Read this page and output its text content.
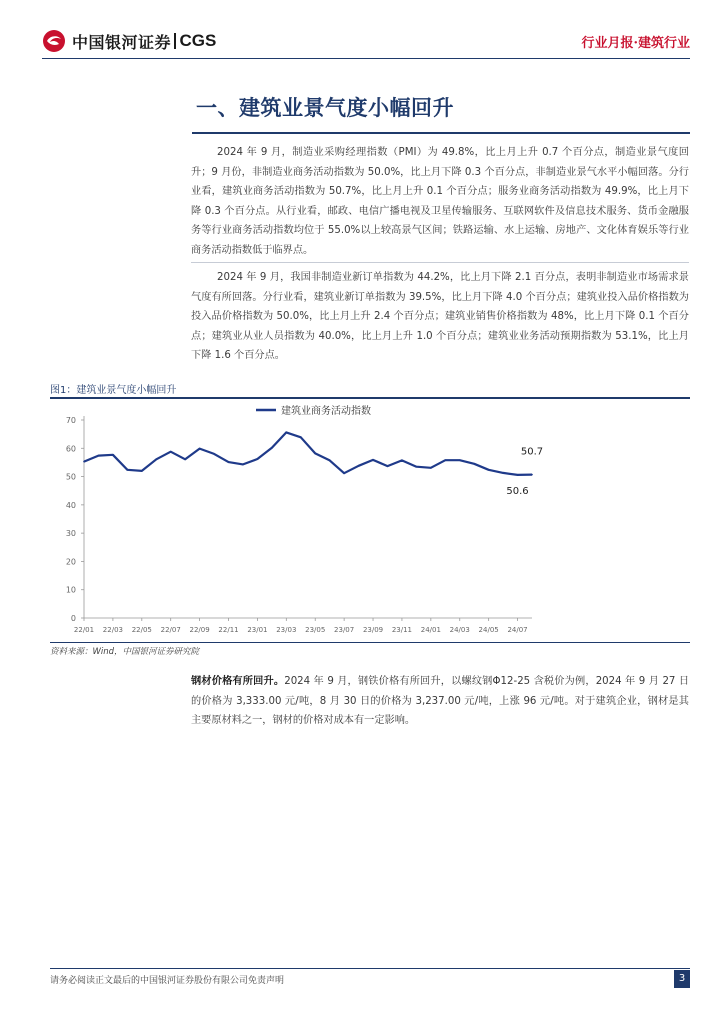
中国银河证券 CGS	行业月报·建筑行业
一、建筑业景气度小幅回升
2024 年 9 月，制造业采购经理指数（PMI）为 49.8%，比上月上升 0.7 个百分点，制造业景气度回升；9 月份，非制造业商务活动指数为 50.0%，比上月下降 0.3 个百分点，非制造业景气水平小幅回落。分行业看，建筑业商务活动指数为 50.7%，比上月上升 0.1 个百分点；服务业商务活动指数为 49.9%，比上月下降 0.3 个百分点。从行业看，邮政、电信广播电视及卫星传输服务、互联网软件及信息技术服务、货币金融服务等行业商务活动指数均位于 55.0%以上较高景气区间；铁路运输、水上运输、房地产、文化体育娱乐等行业商务活动指数低于临界点。
2024 年 9 月，我国非制造业新订单指数为 44.2%，比上月下降 2.1 百分点，表明非制造业市场需求景气度有所回落。分行业看，建筑业新订单指数为 39.5%，比上月下降 4.0 个百分点；建筑业投入品价格指数为投入品价格指数为 50.0%，比上月上升 2.4 个百分点；建筑业销售价格指数为 48%，比上月下降 0.1 个百分点；建筑业从业人员指数为 40.0%，比上月上升 1.0 个百分点；建筑业业务活动预期指数为 53.1%，比上月下降 1.6 个百分点。
图1：建筑业景气度小幅回升
0
10
20
30
40
50
60
70
22/01 22/03 22/05 22/07 22/09 22/11 23/01 23/03 23/05 23/07 23/09 23/11 24/01 24/03 24/05 24/07
建筑业商务活动指数
50.7
50.6
资料来源：Wind，中国银河证券研究院
钢材价格有所回升。2024 年 9 月，钢铁价格有所回升，以螺纹钢Φ12-25 含税价为例，2024 年 9 月 27 日的价格为 3,333.00 元/吨，8 月 30 日的价格为 3,237.00 元/吨，上涨 96 元/吨。对于建筑企业，钢材是其主要原材料之一，钢材的价格对成本有一定影响。
请务必阅读正文最后的中国银河证券股份有限公司免责声明	3
